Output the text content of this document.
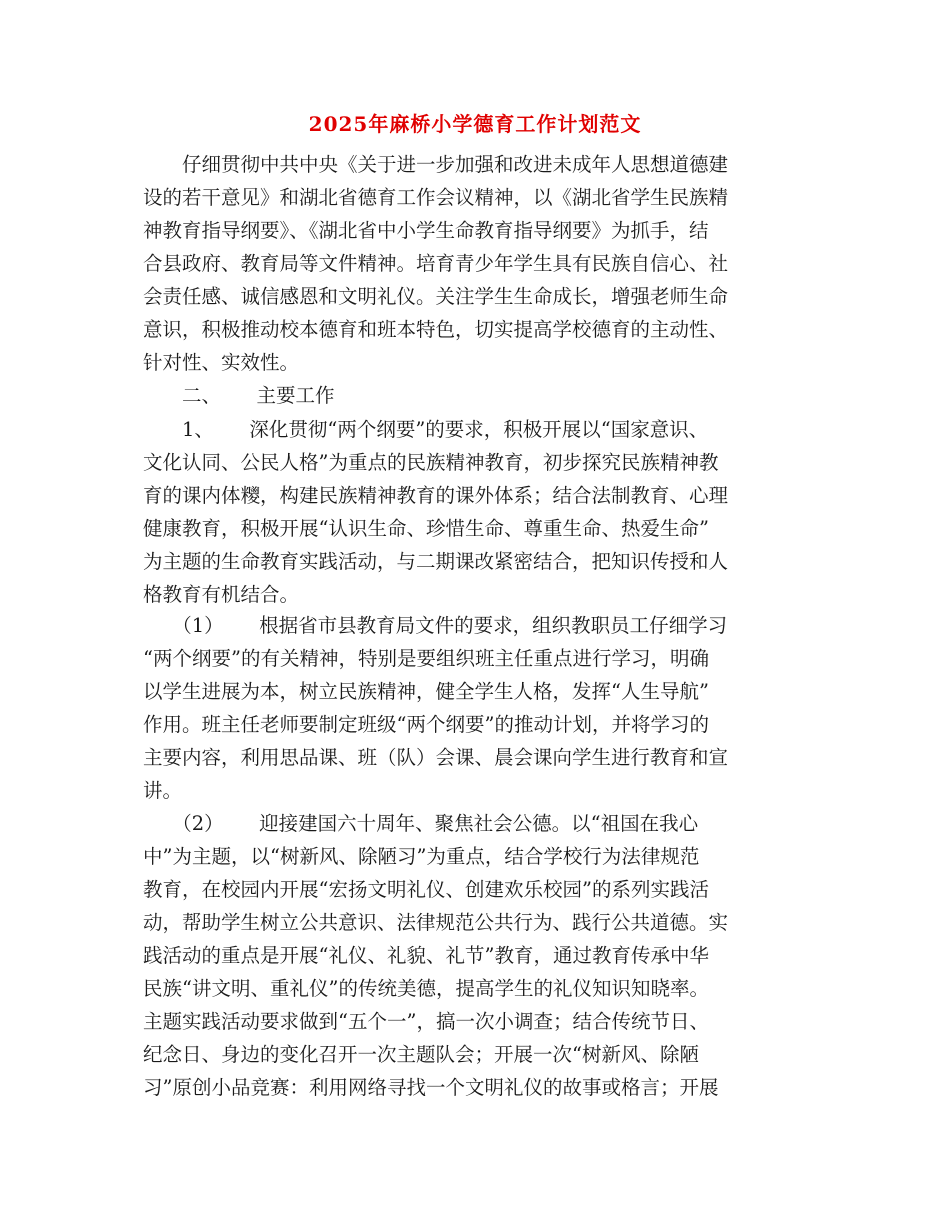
2025年麻桥小学德育工作计划范文

　　仔细贯彻中共中央《关于进一步加强和改进未成年人思想道德建

设的若干意见》和湖北省德育工作会议精神，以《湖北省学生民族精

神教育指导纲要》、《湖北省中小学生命教育指导纲要》为抓手，结

合县政府、教育局等文件精神。培育青少年学生具有民族自信心、社

会责任感、诚信感恩和文明礼仪。关注学生生命成长，增强老师生命

意识，积极推动校本德育和班本特色，切实提高学校德育的主动性、

针对性、实效性。

　　二、　　 主要工作

　　1、　　 深化贯彻“两个纲要”的要求，积极开展以“国家意识、

文化认同、公民人格”为重点的民族精神教育，初步探究民族精神教

育的课内体糭，构建民族精神教育的课外体系；结合法制教育、心理

健康教育，积极开展“认识生命、珍惜生命、尊重生命、热爱生命”

为主题的生命教育实践活动，与二期课改紧密结合，把知识传授和人

格教育有机结合。

　　（1）　　 根据省市县教育局文件的要求，组织教职员工仔细学习

“两个纲要”的有关精神，特别是要组织班主任重点进行学习，明确

以学生进展为本，树立民族精神，健全学生人格，发挥“人生导航”

作用。班主任老师要制定班级“两个纲要”的推动计划，并将学习的

主要内容，利用思品课、班（队）会课、晨会课向学生进行教育和宣

讲。

　　（2）　　 迎接建国六十周年、聚焦社会公德。以“祖国在我心

中”为主题，以“树新风、除陋习”为重点，结合学校行为法律规范

教育，在校园内开展“宏扬文明礼仪、创建欢乐校园”的系列实践活

动，帮助学生树立公共意识、法律规范公共行为、践行公共道德。实

践活动的重点是开展“礼仪、礼貌、礼节”教育，通过教育传承中华

民族“讲文明、重礼仪”的传统美德，提高学生的礼仪知识知晓率。

主题实践活动要求做到“五个一”，搞一次小调查；结合传统节日、

纪念日、身边的变化召开一次主题队会；开展一次“树新风、除陋

习”原创小品竞赛：利用网络寻找一个文明礼仪的故事或格言；开展
